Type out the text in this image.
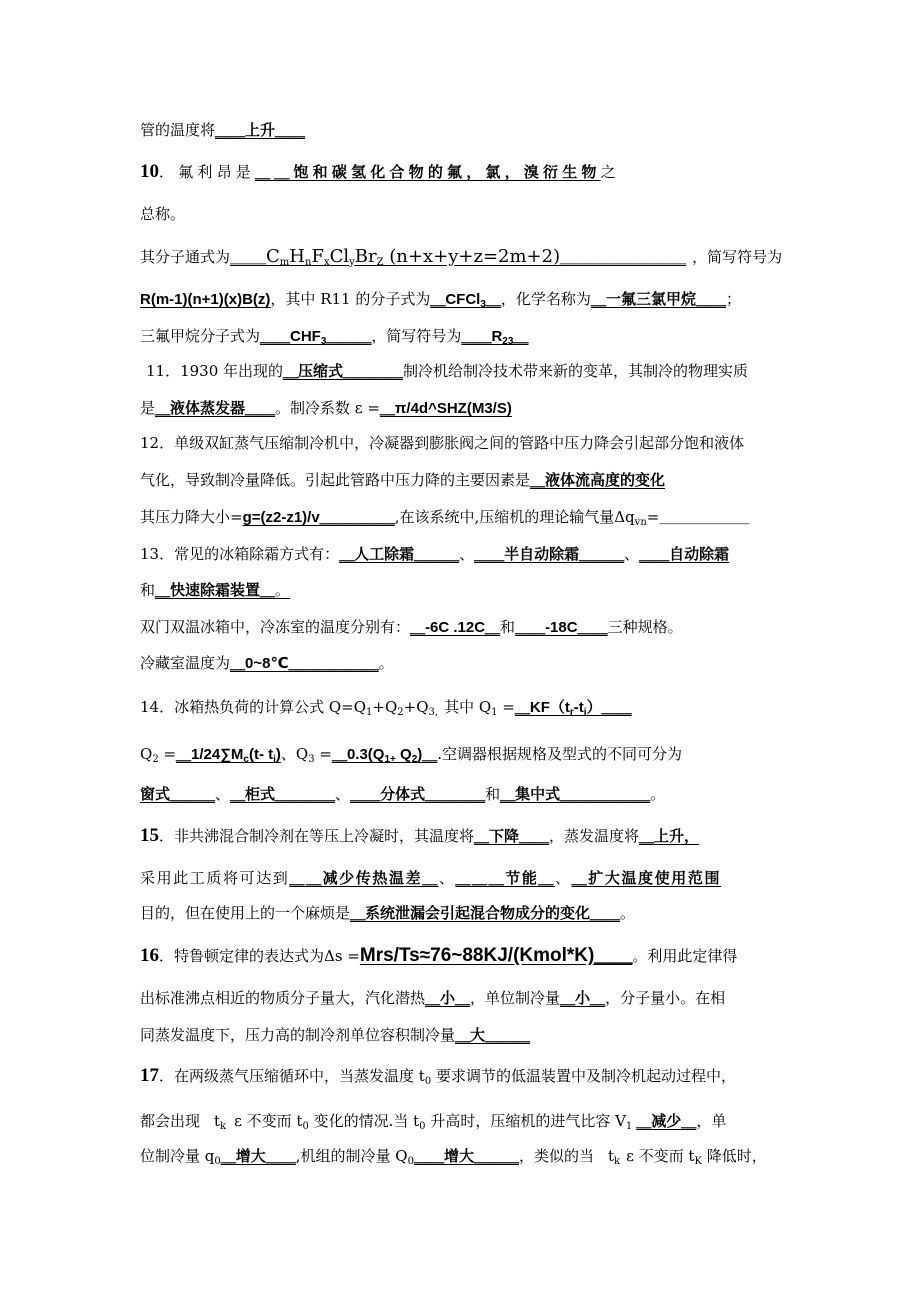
管的温度将＿＿上升＿＿
10．氟利昂是＿＿饱和碳氢化合物的氟，氯，溴衍生物之
总称。
其分子通式为$\_\_C_mH_nF_xCl_yBr_Z$ (n+x+y+z=2m+2)＿＿＿＿＿＿＿ ，简写符号为
R(m-1)(n+1)(x)B(z)，其中 R11 的分子式为＿CFCl$_3$＿，化学名称为＿一氟三氯甲烷＿＿；
三氟甲烷分子式为$\_\_CHF_3\_\_\_$，简写符号为$\_\_R_{23}\_$
11．1930 年出现的＿压缩式＿＿＿＿制冷机给制冷技术带来新的变革，其制冷的物理实质
是＿液体蒸发器＿＿。制冷系数 ε =＿π/4d^SHZ(M3/S)
12．单级双缸蒸气压缩制冷机中，冷凝器到膨胀阀之间的管路中压力降会引起部分饱和液体
气化，导致制冷量降低。引起此管路中压力降的主要因素是＿液体流高度的变化
其压力降大小=g=(z2-z1)/v＿＿＿＿＿,在该系统中,压缩机的理论输气量$\Delta q_{vn}=\_\_\_\_\_\_$
13．常见的冰箱除霜方式有：＿人工除霜＿＿＿、＿＿半自动除霜＿＿＿、＿＿自动除霜
和＿快速除霜装置＿。
双门双温冰箱中，冷冻室的温度分别有：＿-6C .12C＿和＿＿-18C＿＿三种规格。
冷藏室温度为＿0~8℃＿＿＿＿＿＿。
14．冰箱热负荷的计算公式 $Q=Q_1+Q_2+Q_{3,}$ 其中 $Q_1$ $=\_KF(t_r-t_i)\_\_$
$Q_2$ $=\_1/24\sum M_c(t-$ $t_i$)、$Q_3$ $=\_0.3(Q_{1+}$ $Q_2)\_$.空调器根据规格及型式的不同可分为
窗式＿＿＿、＿柜式＿＿＿＿、＿＿分体式＿＿＿＿和＿集中式＿＿＿＿＿＿。
15．非共沸混合制冷剂在等压上冷凝时，其温度将＿下降＿＿，蒸发温度将＿上升，
采用此工质将可达到＿＿减少传热温差＿、＿＿＿节能＿、＿扩大温度使用范围
目的，但在使用上的一个麻烦是＿系统泄漏会引起混合物成分的变化＿＿。
16．特鲁顿定律的表达式为Δs =Mrs/Ts≈76~88KJ/(Kmol*K)＿＿。利用此定律得
出标准沸点相近的物质分子量大，汽化潜热＿小＿，单位制冷量＿小＿，分子量小。在相
同蒸发温度下，压力高的制冷剂单位容积制冷量＿大＿＿＿
17．在两级蒸气压缩循环中，当蒸发温度 $t_0$ 要求调节的低温装置中及制冷机起动过程中，
都会出现 $t_k$ ε 不变而 $t_0$ 变化的情况.当 $t_0$ 升高时，压缩机的进气比容 $V_1$ ＿减少＿，单
位制冷量 $q_0\_$增大＿＿,机组的制冷量 $Q_0\_\_$增大＿＿＿，类似的当 $t_k$ ε 不变而 $t_K$ 降低时，
